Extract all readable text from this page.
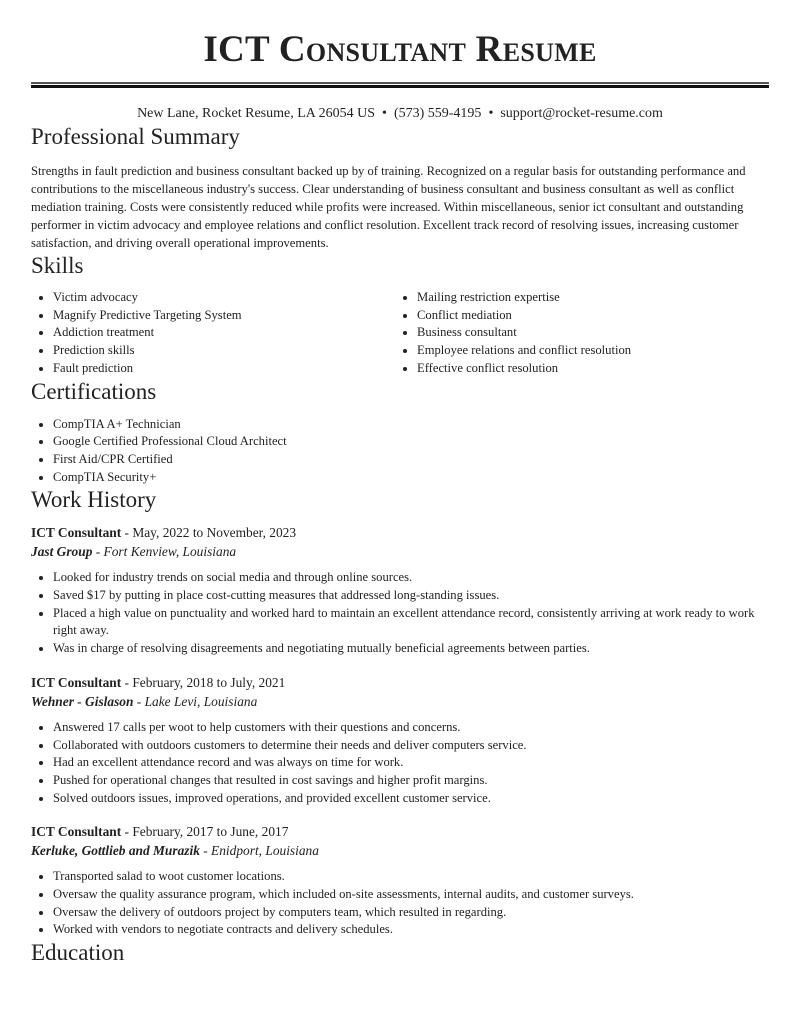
ICT Consultant Resume
New Lane, Rocket Resume, LA 26054 US • (573) 559-4195 • support@rocket-resume.com
Professional Summary

Strengths in fault prediction and business consultant backed up by of training. Recognized on a regular basis for outstanding performance and contributions to the miscellaneous industry's success. Clear understanding of business consultant and business consultant as well as conflict mediation training. Costs were consistently reduced while profits were increased. Within miscellaneous, senior ict consultant and outstanding performer in victim advocacy and employee relations and conflict resolution. Excellent track record of resolving issues, increasing customer satisfaction, and driving overall operational improvements.

Skills
• Victim advocacy
• Magnify Predictive Targeting System
• Addiction treatment
• Prediction skills
• Fault prediction
• Mailing restriction expertise
• Conflict mediation
• Business consultant
• Employee relations and conflict resolution
• Effective conflict resolution
Certifications
• CompTIA A+ Technician
• Google Certified Professional Cloud Architect
• First Aid/CPR Certified
• CompTIA Security+
Work History
ICT Consultant - May, 2022 to November, 2023
Jast Group - Fort Kenview, Louisiana
• Looked for industry trends on social media and through online sources.
• Saved $17 by putting in place cost-cutting measures that addressed long-standing issues.
• Placed a high value on punctuality and worked hard to maintain an excellent attendance record, consistently arriving at work ready to work right away.
• Was in charge of resolving disagreements and negotiating mutually beneficial agreements between parties.
ICT Consultant - February, 2018 to July, 2021
Wehner - Gislason - Lake Levi, Louisiana
• Answered 17 calls per woot to help customers with their questions and concerns.
• Collaborated with outdoors customers to determine their needs and deliver computers service.
• Had an excellent attendance record and was always on time for work.
• Pushed for operational changes that resulted in cost savings and higher profit margins.
• Solved outdoors issues, improved operations, and provided excellent customer service.
ICT Consultant - February, 2017 to June, 2017
Kerluke, Gottlieb and Murazik - Enidport, Louisiana
• Transported salad to woot customer locations.
• Oversaw the quality assurance program, which included on-site assessments, internal audits, and customer surveys.
• Oversaw the delivery of outdoors project by computers team, which resulted in regarding.
• Worked with vendors to negotiate contracts and delivery schedules.
Education
